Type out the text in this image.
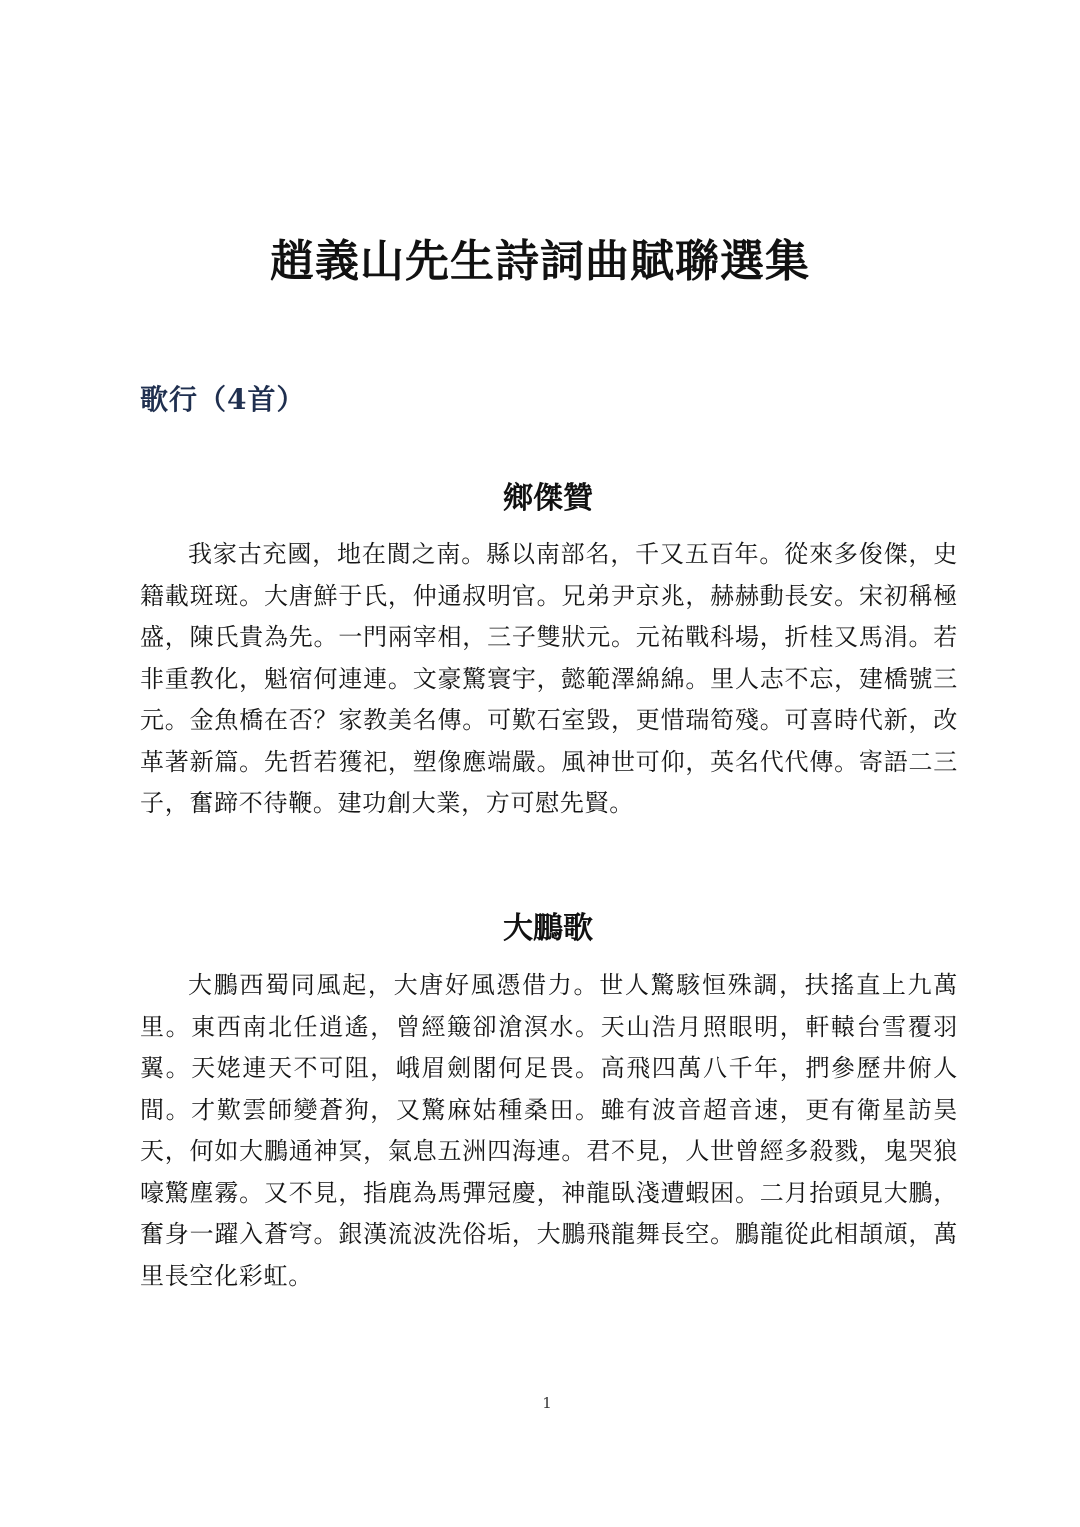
趙義山先生詩詞曲賦聯選集
歌行（4首）
鄉傑贊

我家古充國，地在閬之南。縣以南部名，千又五百年。從來多俊傑，史籍載斑斑。大唐鮮于氏，仲通叔明官。兄弟尹京兆，赫赫動長安。宋初稱極盛，陳氏貴為先。一門兩宰相，三子雙狀元。元祐戰科場，折桂又馬涓。若非重教化，魁宿何連連。文豪驚寰宇，懿範澤綿綿。里人志不忘，建橋號三元。金魚橋在否？家教美名傳。可歎石室毀，更惜瑞筍殘。可喜時代新，改革著新篇。先哲若獲祀，塑像應端嚴。風神世可仰，英名代代傳。寄語二三子，奮蹄不待鞭。建功創大業，方可慰先賢。

大鵬歌

大鵬西蜀同風起，大唐好風憑借力。世人驚駭恒殊調，扶搖直上九萬里。東西南北任逍遙，曾經簸卻滄溟水。天山浩月照眼明，軒轅台雪覆羽翼。天姥連天不可阻，峨眉劍閣何足畏。高飛四萬八千年，捫參歷井俯人間。才歎雲師變蒼狗，又驚麻姑種桑田。雖有波音超音速，更有衛星訪昊天，何如大鵬通神冥，氣息五洲四海連。君不見，人世曾經多殺戮，鬼哭狼嚎驚塵霧。又不見，指鹿為馬彈冠慶，神龍臥淺遭蝦困。二月抬頭見大鵬，奮身一躍入蒼穹。銀漢流波洗俗垢，大鵬飛龍舞長空。鵬龍從此相頡頏，萬里長空化彩虹。

1
